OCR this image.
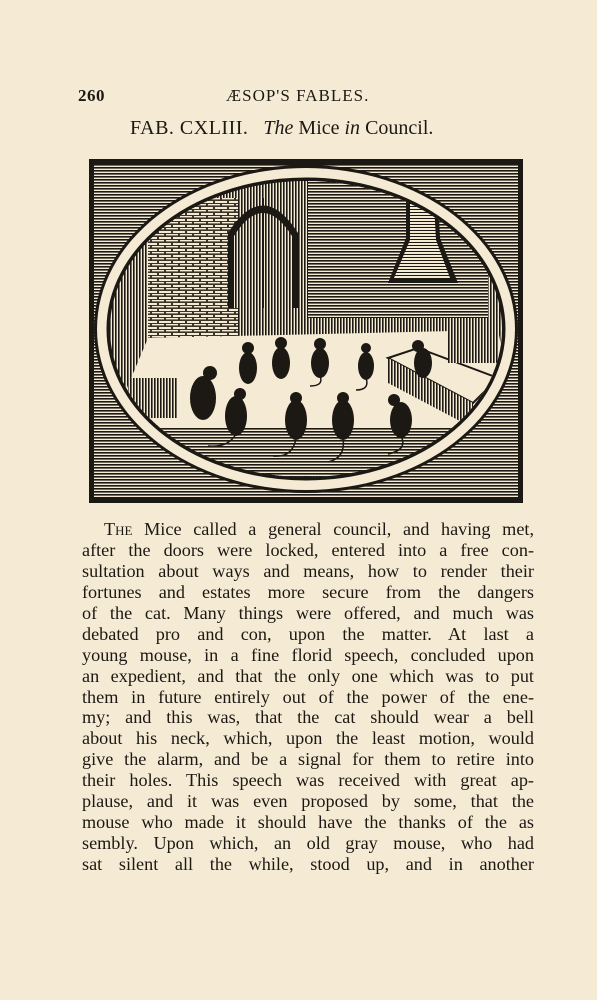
260	ÆSOP'S FABLES.
FAB. CXLIII. The Mice in Council.
The Mice called a general council, and having met,
after the doors were locked, entered into a free con-
sultation about ways and means, how to render their
fortunes and estates more secure from the dangers
of the cat. Many things were offered, and much was
debated pro and con, upon the matter. At last a
young mouse, in a fine florid speech, concluded upon
an expedient, and that the only one which was to put
them in future entirely out of the power of the ene-
my; and this was, that the cat should wear a bell
about his neck, which, upon the least motion, would
give the alarm, and be a signal for them to retire into
their holes. This speech was received with great ap-
plause, and it was even proposed by some, that the
mouse who made it should have the thanks of the as
sembly. Upon which, an old gray mouse, who had
sat silent all the while, stood up, and in another
